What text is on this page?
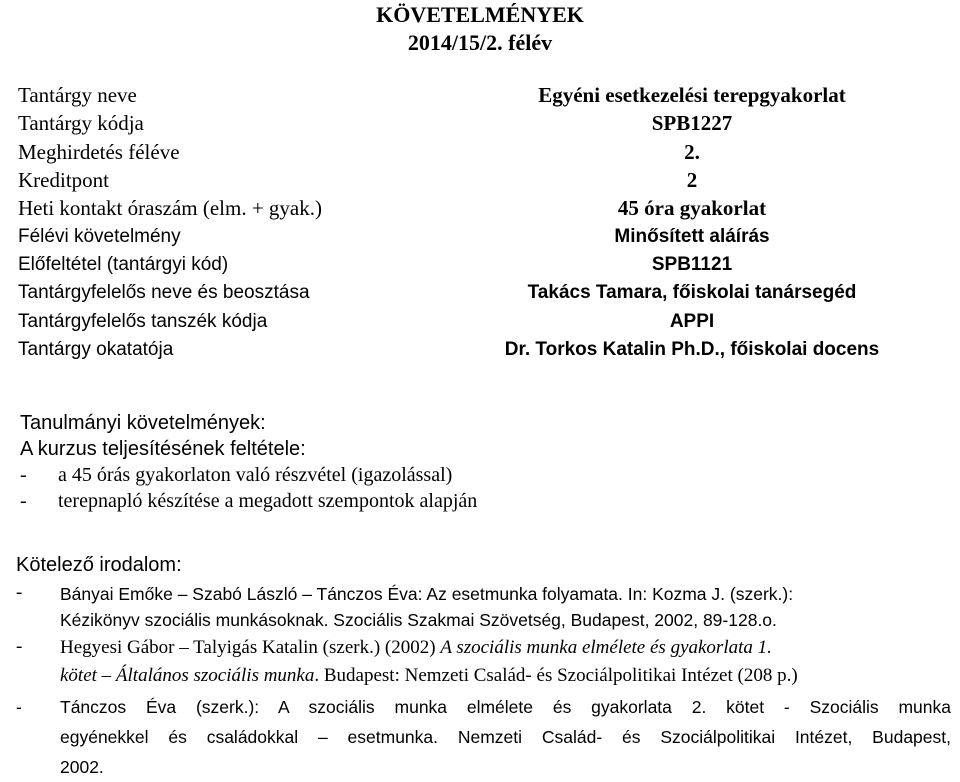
KÖVETELMÉNYEK
2014/15/2. félév
Tantárgy neve	Egyéni esetkezelési terepgyakorlat
Tantárgy kódja	SPB1227
Meghirdetés féléve	2.
Kreditpont	2
Heti kontakt óraszám (elm. + gyak.)	45 óra gyakorlat
Félévi követelmény	Minősített aláírás
Előfeltétel (tantárgyi kód)	SPB1121
Tantárgyfelelős neve és beosztása	Takács Tamara, főiskolai tanársegéd
Tantárgyfelelős tanszék kódja	APPI
Tantárgy okatatója	Dr. Torkos Katalin Ph.D., főiskolai docens
Tanulmányi követelmények:
A kurzus teljesítésének feltétele:
-	a 45 órás gyakorlaton való részvétel (igazolással)
-	terepnapló készítése a megadott szempontok alapján
Kötelező irodalom:
-	Bányai Emőke – Szabó László – Tánczos Éva: Az esetmunka folyamata. In: Kozma J. (szerk.):
Kézikönyv szociális munkásoknak. Szociális Szakmai Szövetség, Budapest, 2002, 89-128.o.
-	Hegyesi Gábor – Talyigás Katalin (szerk.) (2002) A szociális munka elmélete és gyakorlata 1.
kötet – Általános szociális munka. Budapest: Nemzeti Család- és Szociálpolitikai Intézet (208 p.)
-	Tánczos Éva (szerk.): A szociális munka elmélete és gyakorlata 2. kötet - Szociális munka
egyénekkel és családokkal – esetmunka. Nemzeti Család- és Szociálpolitikai Intézet, Budapest,
2002.
